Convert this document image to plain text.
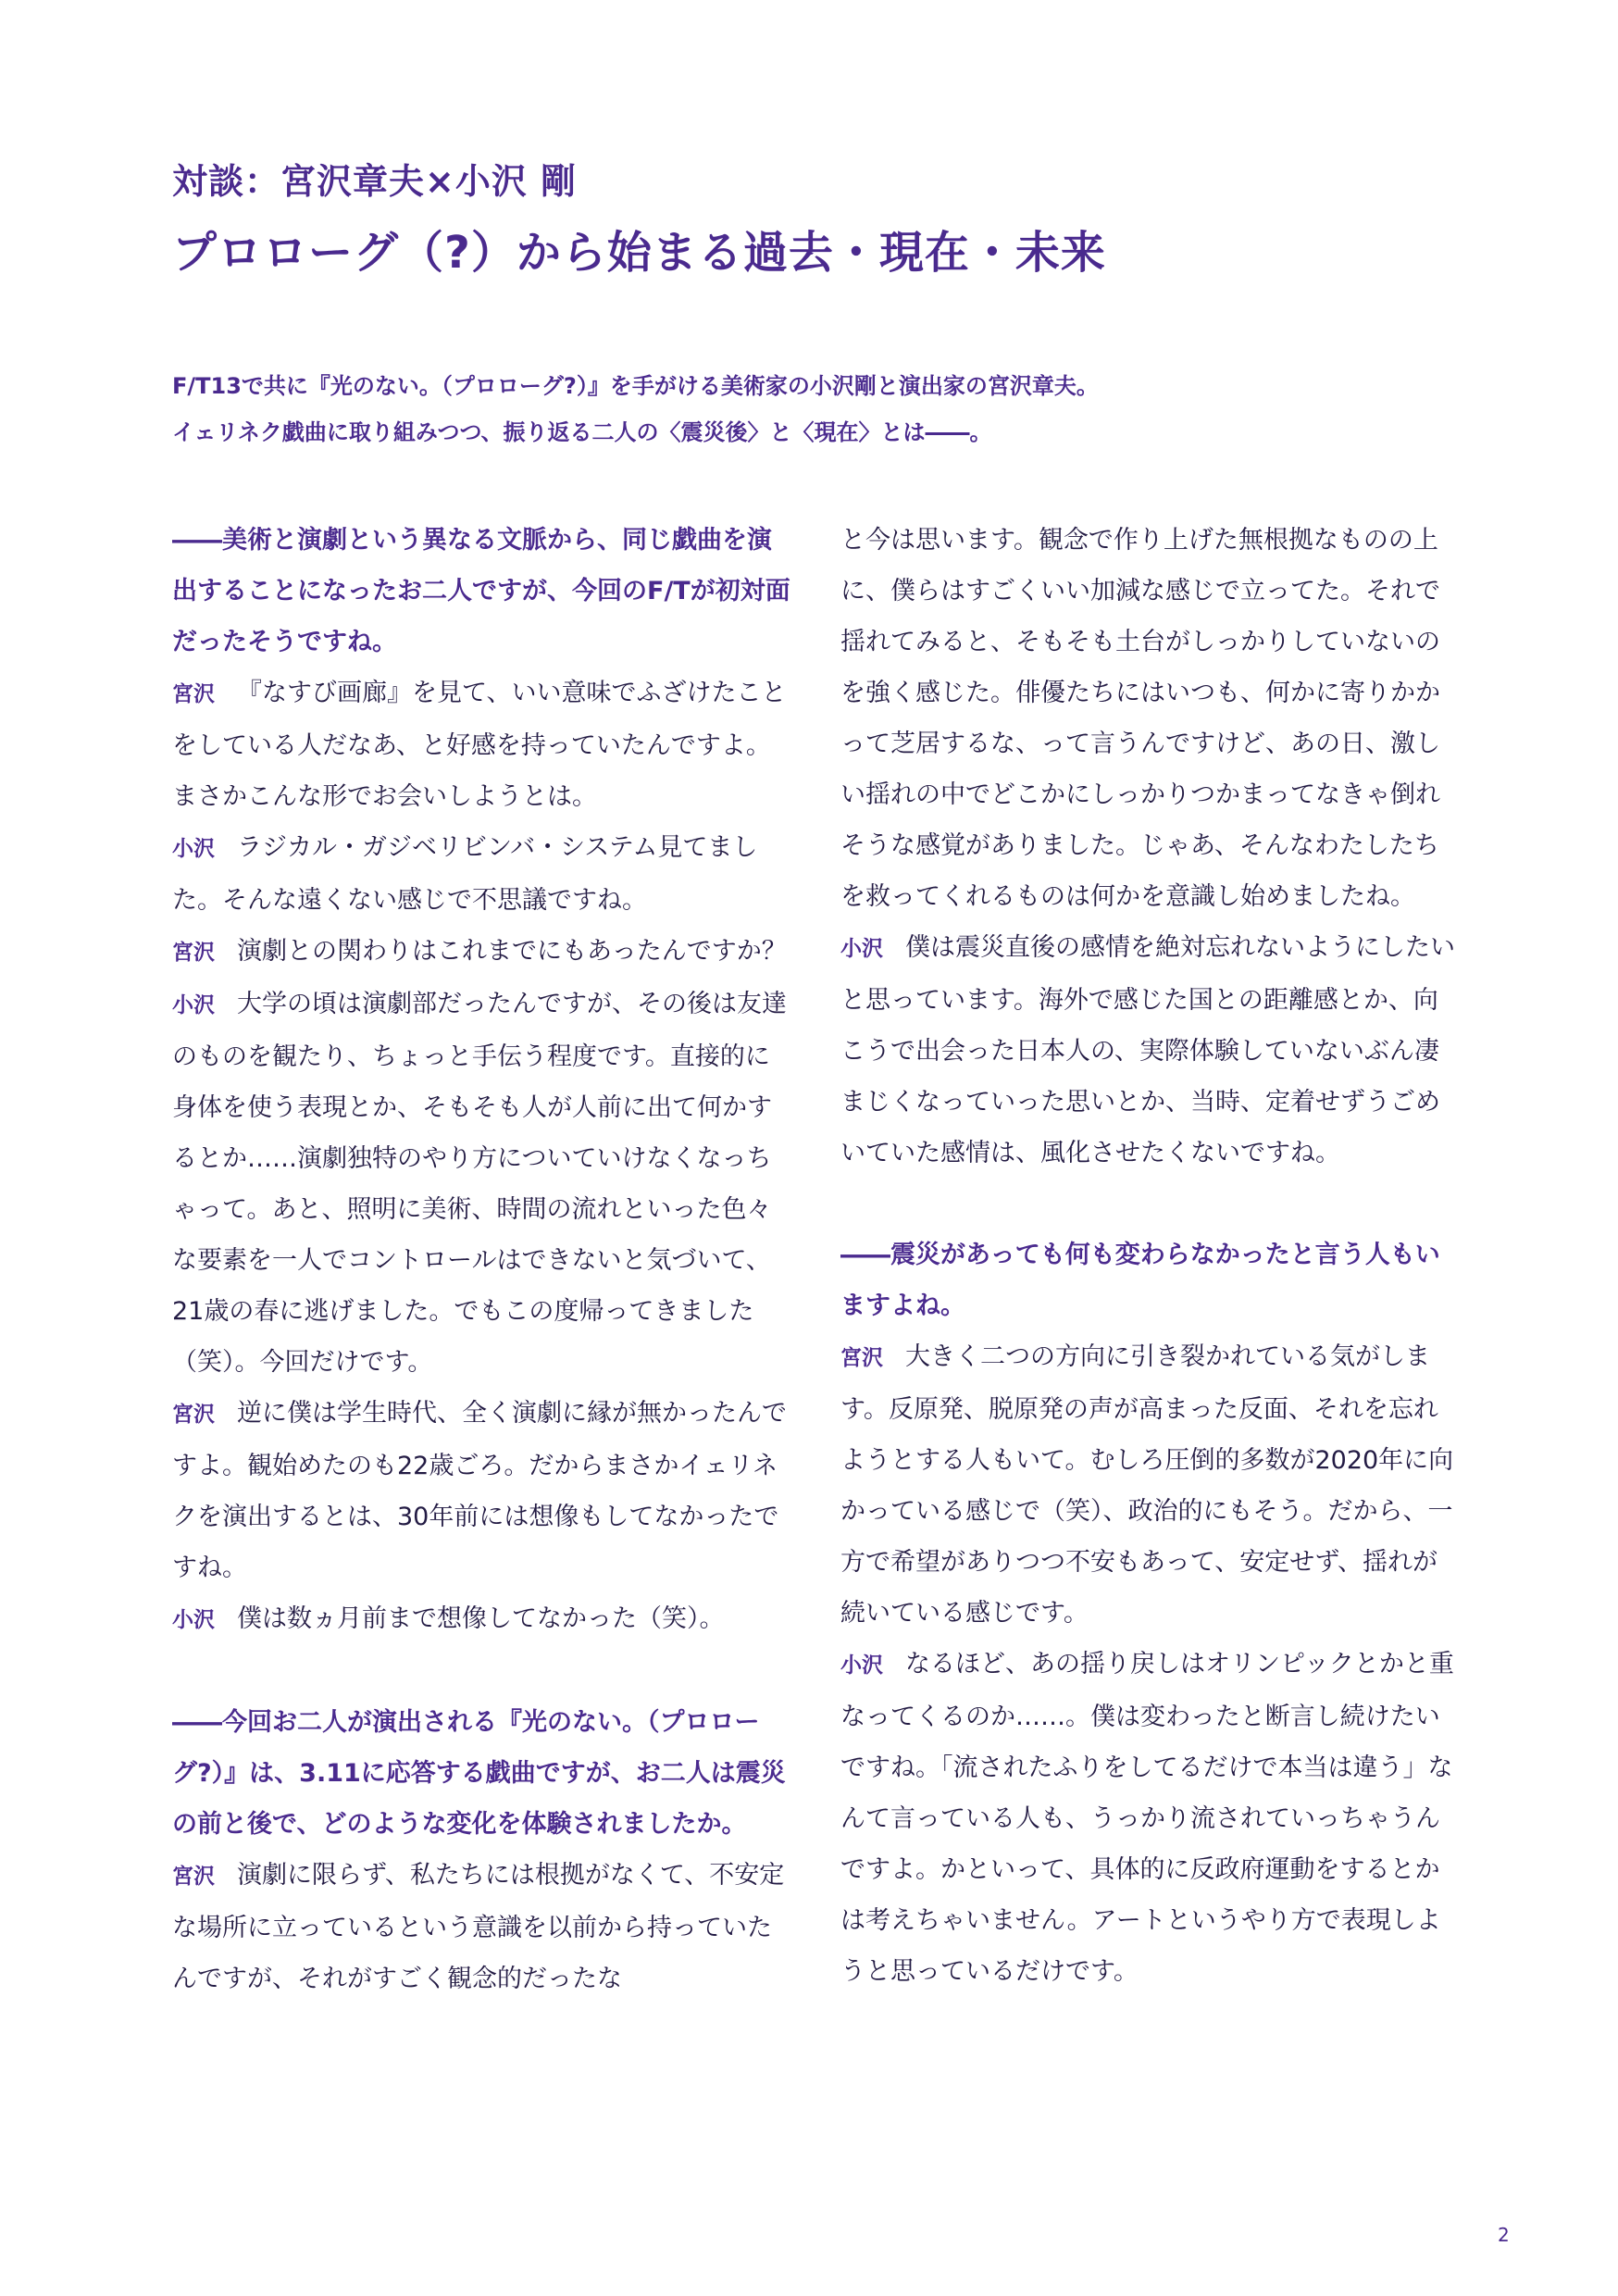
対談：宮沢章夫×小沢 剛
プロローグ（?）から始まる過去・現在・未来
F/T13で共に『光のない。（プロローグ?）』を手がける美術家の小沢剛と演出家の宮沢章夫。
イェリネク戯曲に取り組みつつ、振り返る二人の〈震災後〉と〈現在〉とは――。
――美術と演劇という異なる文脈から、同じ戯曲を演出することになったお二人ですが、今回のF/Tが初対面だったそうですね。
宮沢 『なすび画廊』を見て、いい意味でふざけたことをしている人だなあ、と好感を持っていたんですよ。まさかこんな形でお会いしようとは。
小沢 ラジカル・ガジベリビンバ・システム見てました。そんな遠くない感じで不思議ですね。
宮沢 演劇との関わりはこれまでにもあったんですか？
小沢 大学の頃は演劇部だったんですが、その後は友達のものを観たり、ちょっと手伝う程度です。直接的に身体を使う表現とか、そもそも人が人前に出て何かするとか……演劇独特のやり方についていけなくなっちゃって。あと、照明に美術、時間の流れといった色々な要素を一人でコントロールはできないと気づいて、21歳の春に逃げました。でもこの度帰ってきました（笑）。今回だけです。
宮沢 逆に僕は学生時代、全く演劇に縁が無かったんですよ。観始めたのも22歳ごろ。だからまさかイェリネクを演出するとは、30年前には想像もしてなかったですね。
小沢 僕は数ヵ月前まで想像してなかった（笑）。
――今回お二人が演出される『光のない。（プロローグ?）』は、3.11に応答する戯曲ですが、お二人は震災の前と後で、どのような変化を体験されましたか。
宮沢 演劇に限らず、私たちには根拠がなくて、不安定な場所に立っているという意識を以前から持っていたんですが、それがすごく観念的だったな
と今は思います。観念で作り上げた無根拠なものの上に、僕らはすごくいい加減な感じで立ってた。それで揺れてみると、そもそも土台がしっかりしていないのを強く感じた。俳優たちにはいつも、何かに寄りかかって芝居するな、って言うんですけど、あの日、激しい揺れの中でどこかにしっかりつかまってなきゃ倒れそうな感覚がありました。じゃあ、そんなわたしたちを救ってくれるものは何かを意識し始めましたね。
小沢 僕は震災直後の感情を絶対忘れないようにしたいと思っています。海外で感じた国との距離感とか、向こうで出会った日本人の、実際体験していないぶん凄まじくなっていった思いとか、当時、定着せずうごめいていた感情は、風化させたくないですね。
――震災があっても何も変わらなかったと言う人もいますよね。
宮沢 大きく二つの方向に引き裂かれている気がします。反原発、脱原発の声が高まった反面、それを忘れようとする人もいて。むしろ圧倒的多数が2020年に向かっている感じで（笑）、政治的にもそう。だから、一方で希望がありつつ不安もあって、安定せず、揺れが続いている感じです。
小沢 なるほど、あの揺り戻しはオリンピックとかと重なってくるのか……。僕は変わったと断言し続けたいですね。「流されたふりをしてるだけで本当は違う」なんて言っている人も、うっかり流されていっちゃうんですよ。かといって、具体的に反政府運動をするとかは考えちゃいません。アートというやり方で表現しようと思っているだけです。
2
